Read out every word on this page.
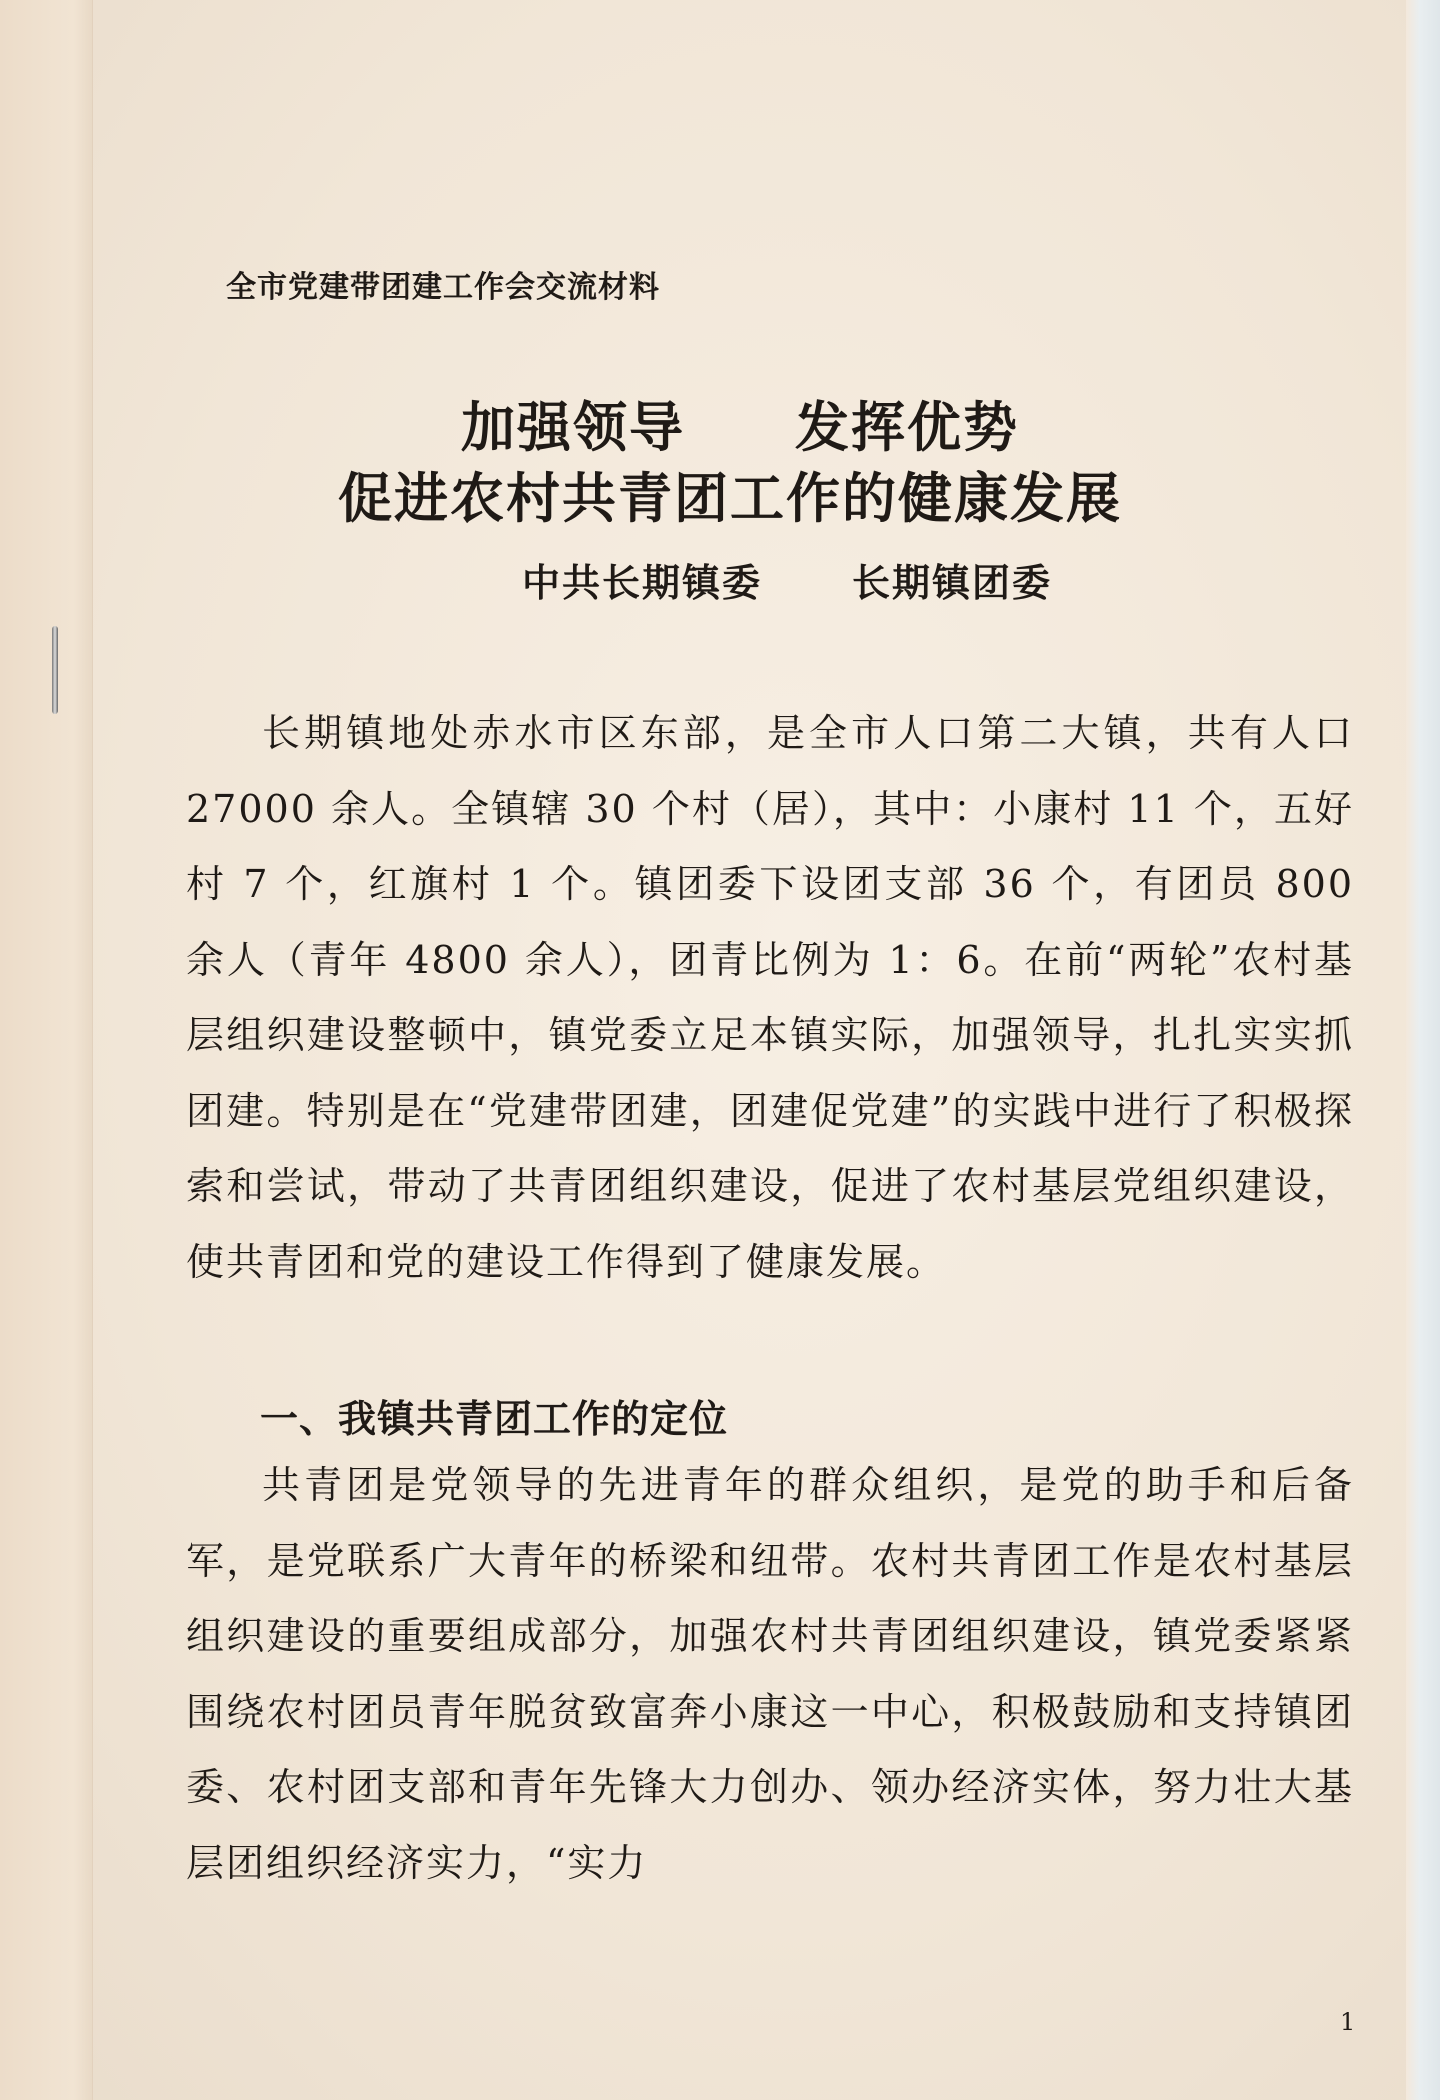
全市党建带团建工作会交流材料
加强领导 发挥优势
促进农村共青团工作的健康发展
中共长期镇委 长期镇团委

长期镇地处赤水市区东部，是全市人口第二大镇，共有人口 27000 余人。全镇辖 30 个村（居），其中：小康村 11 个，五好村 7 个，红旗村 1 个。镇团委下设团支部 36 个，有团员 800 余人（青年 4800 余人），团青比例为 1：6。在前“两轮”农村基层组织建设整顿中，镇党委立足本镇实际，加强领导，扎扎实实抓团建。特别是在“党建带团建，团建促党建”的实践中进行了积极探索和尝试，带动了共青团组织建设，促进了农村基层党组织建设，使共青团和党的建设工作得到了健康发展。

一、我镇共青团工作的定位

共青团是党领导的先进青年的群众组织，是党的助手和后备军，是党联系广大青年的桥梁和纽带。农村共青团工作是农村基层组织建设的重要组成部分，加强农村共青团组织建设，镇党委紧紧围绕农村团员青年脱贫致富奔小康这一中心，积极鼓励和支持镇团委、农村团支部和青年先锋大力创办、领办经济实体，努力壮大基层团组织经济实力，“实力

1
